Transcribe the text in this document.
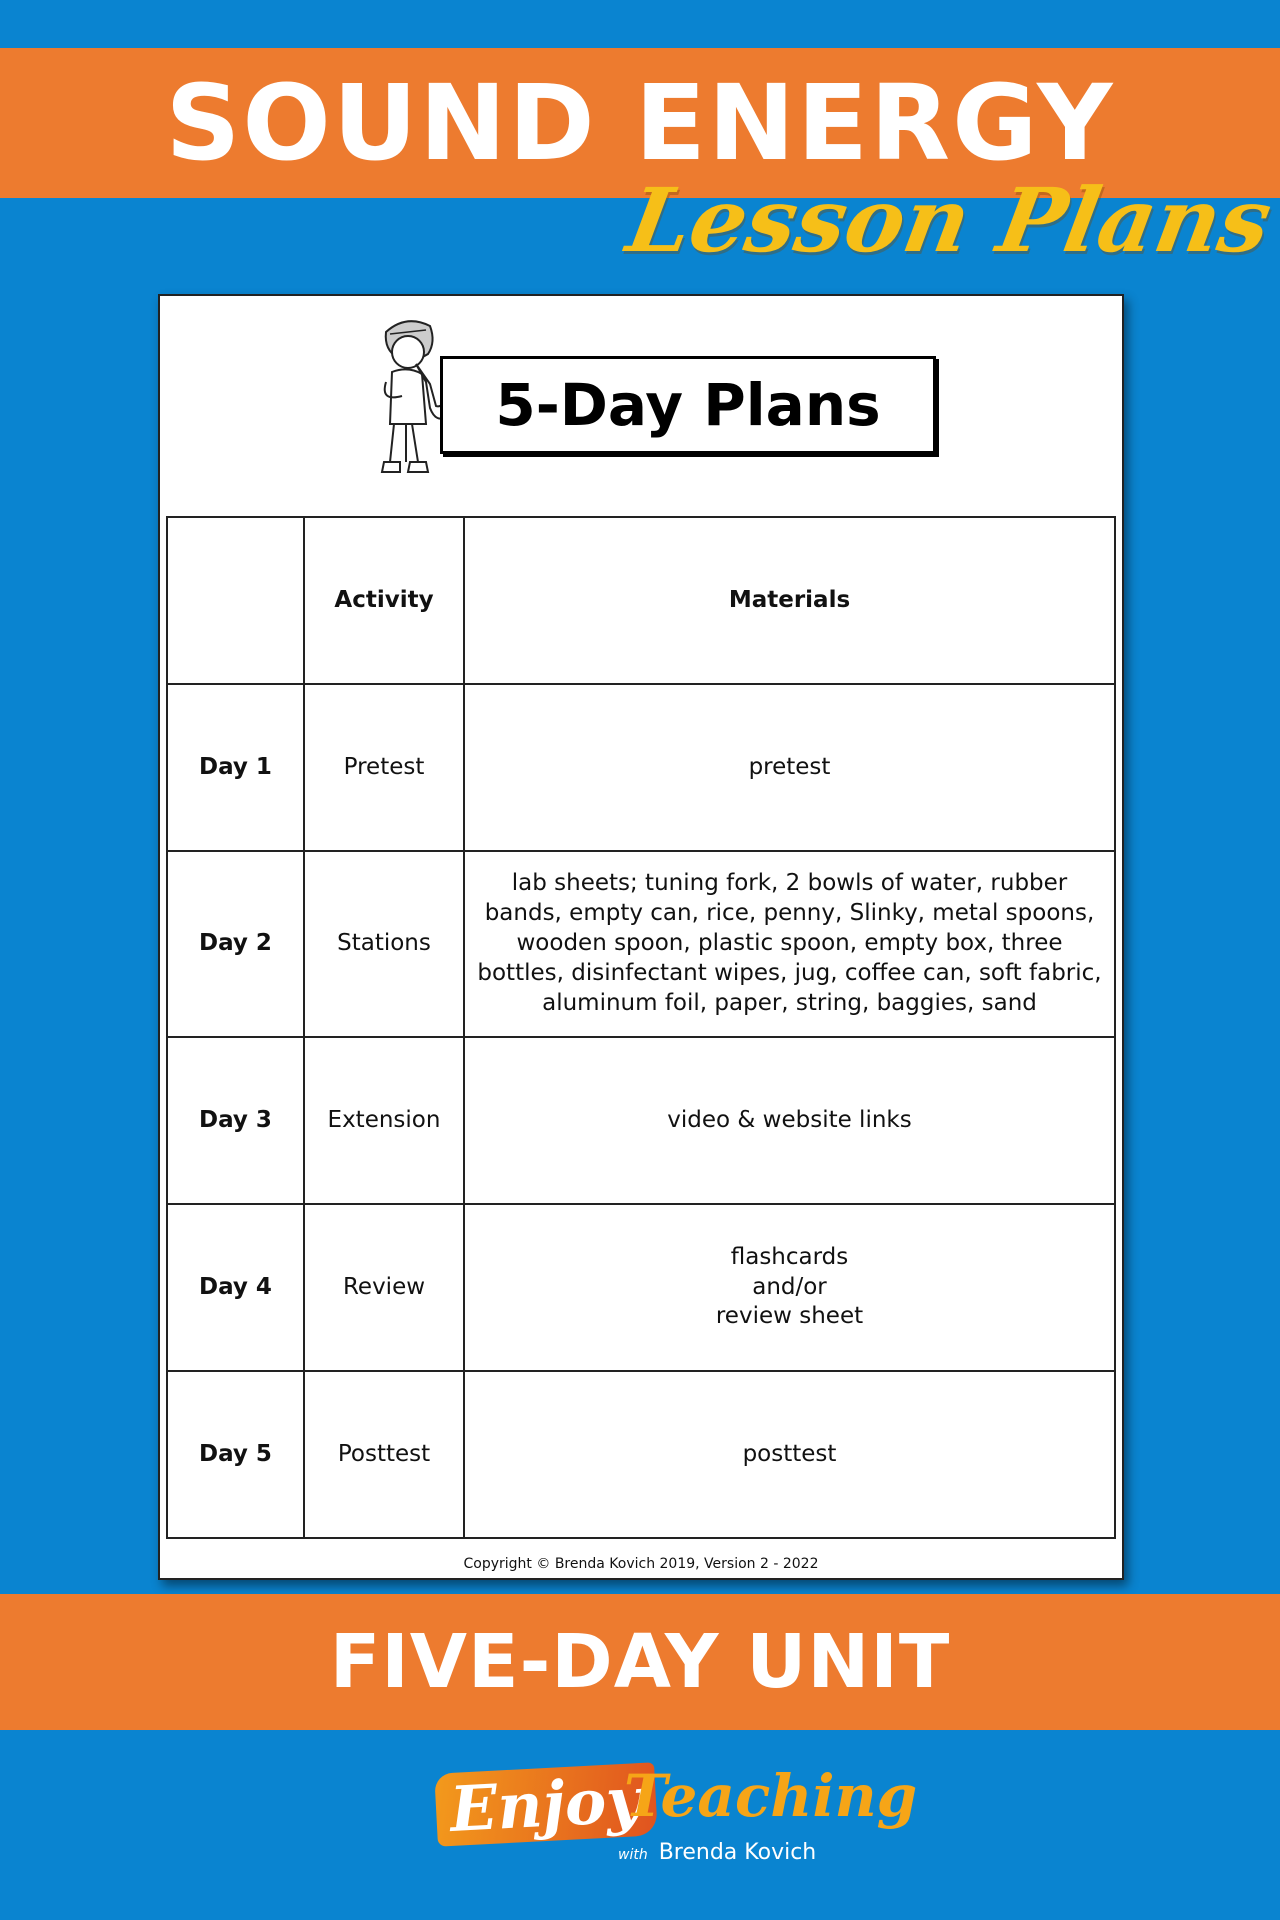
SOUND ENERGY
Lesson Plans
5-Day Plans
	Activity	Materials
Day 1	Pretest	pretest
Day 2	Stations	lab sheets; tuning fork, 2 bowls of water, rubber bands, empty can, rice, penny, Slinky, metal spoons, wooden spoon, plastic spoon, empty box, three bottles, disinfectant wipes, jug, coffee can, soft fabric, aluminum foil, paper, string, baggies, sand
Day 3	Extension	video & website links
Day 4	Review	flashcards
and/or
review sheet
Day 5	Posttest	posttest
Copyright © Brenda Kovich 2019, Version 2 - 2022
FIVE-DAY UNIT
Enjoy
Teaching
with Brenda Kovich
